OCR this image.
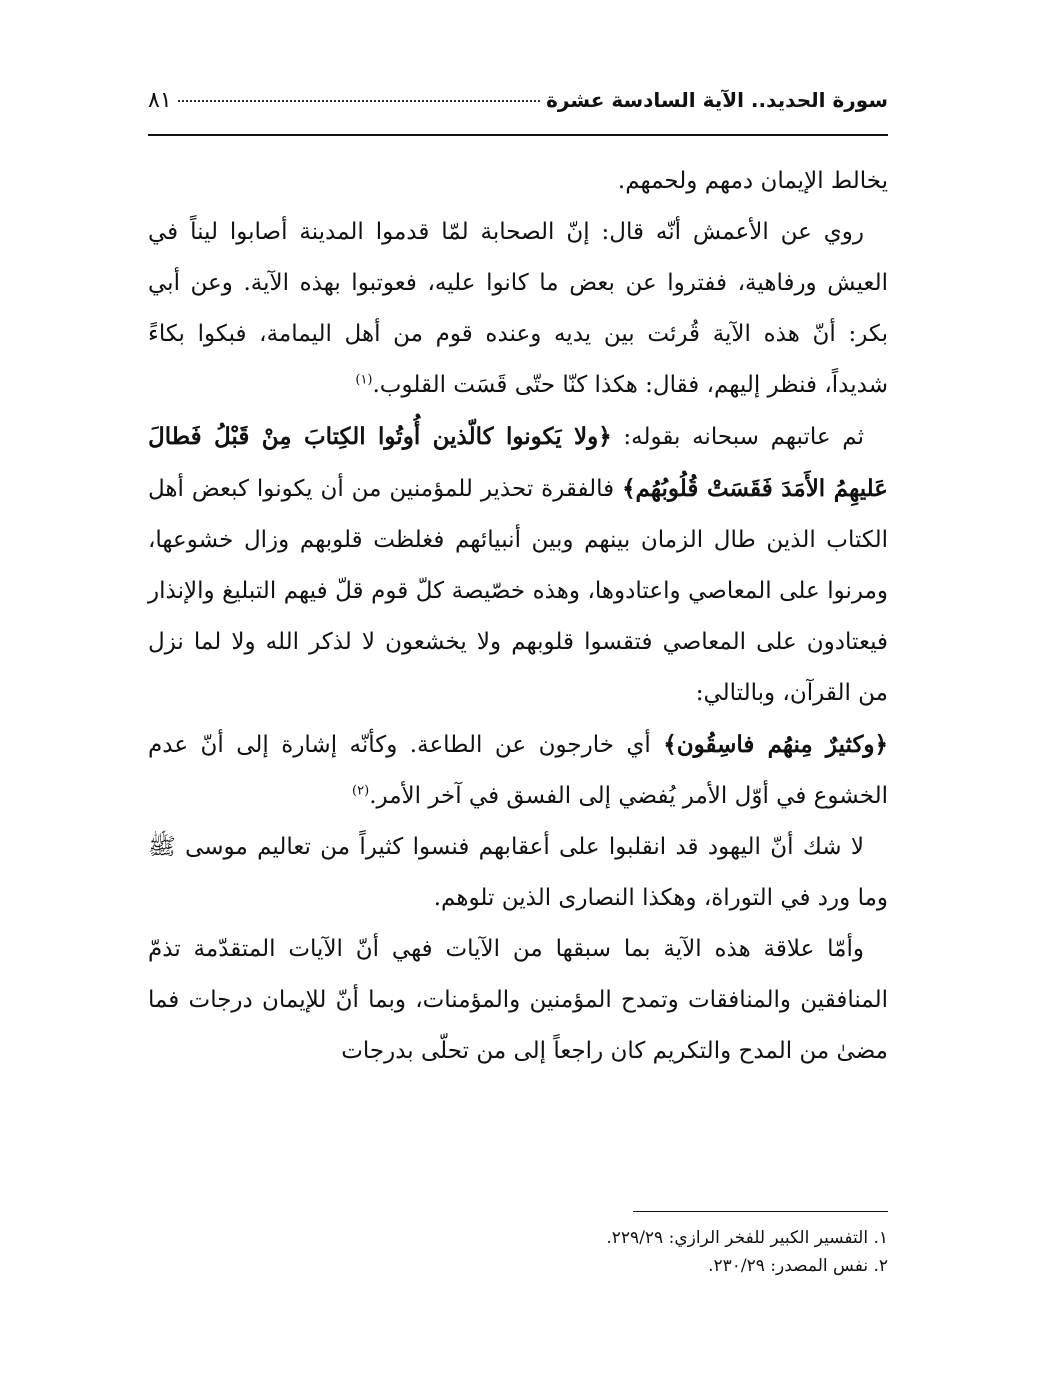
سورة الحديد.. الآية السادسة عشرة
٨١

يخالط الإيمان دمهم ولحمهم.

روي عن الأعمش أنّه قال: إنّ الصحابة لمّا قدموا المدينة أصابوا ليناً في العيش ورفاهية، ففتروا عن بعض ما كانوا عليه، فعوتبوا بهذه الآية. وعن أبي بكر: أنّ هذه الآية قُرئت بين يديه وعنده قوم من أهل اليمامة، فبكوا بكاءً شديداً، فنظر إليهم، فقال: هكذا كنّا حتّى قَسَت القلوب.$^{(١)}$

ثم عاتبهم سبحانه بقوله: ﴿ولا يَكونوا كالّذين أُوتُوا الكِتابَ مِنْ قَبْلُ فَطالَ عَليهِمُ الأَمَدَ فَقَسَتْ قُلُوبُهُم﴾ فالفقرة تحذير للمؤمنين من أن يكونوا كبعض أهل الكتاب الذين طال الزمان بينهم وبين أنبيائهم فغلظت قلوبهم وزال خشوعها، ومرنوا على المعاصي واعتادوها، وهذه خصّيصة كلّ قوم قلّ فيهم التبليغ والإنذار فيعتادون على المعاصي فتقسوا قلوبهم ولا يخشعون لا لذكر الله ولا لما نزل من القرآن، وبالتالي:

﴿وكثيرٌ مِنهُم فاسِقُون﴾ أي خارجون عن الطاعة. وكأنّه إشارة إلى أنّ عدم الخشوع في أوّل الأمر يُفضي إلى الفسق في آخر الأمر.$^{(٢)}$

لا شك أنّ اليهود قد انقلبوا على أعقابهم فنسوا كثيراً من تعاليم موسى ﷺ وما ورد في التوراة، وهكذا النصارى الذين تلوهم.

وأمّا علاقة هذه الآية بما سبقها من الآيات فهي أنّ الآيات المتقدّمة تذمّ المنافقين والمنافقات وتمدح المؤمنين والمؤمنات، وبما أنّ للإيمان درجات فما مضىٰ من المدح والتكريم كان راجعاً إلى من تحلّى بدرجات

١. التفسير الكبير للفخر الرازي: ٢٢٩/٢٩.
٢. نفس المصدر: ٢٣٠/٢٩.
